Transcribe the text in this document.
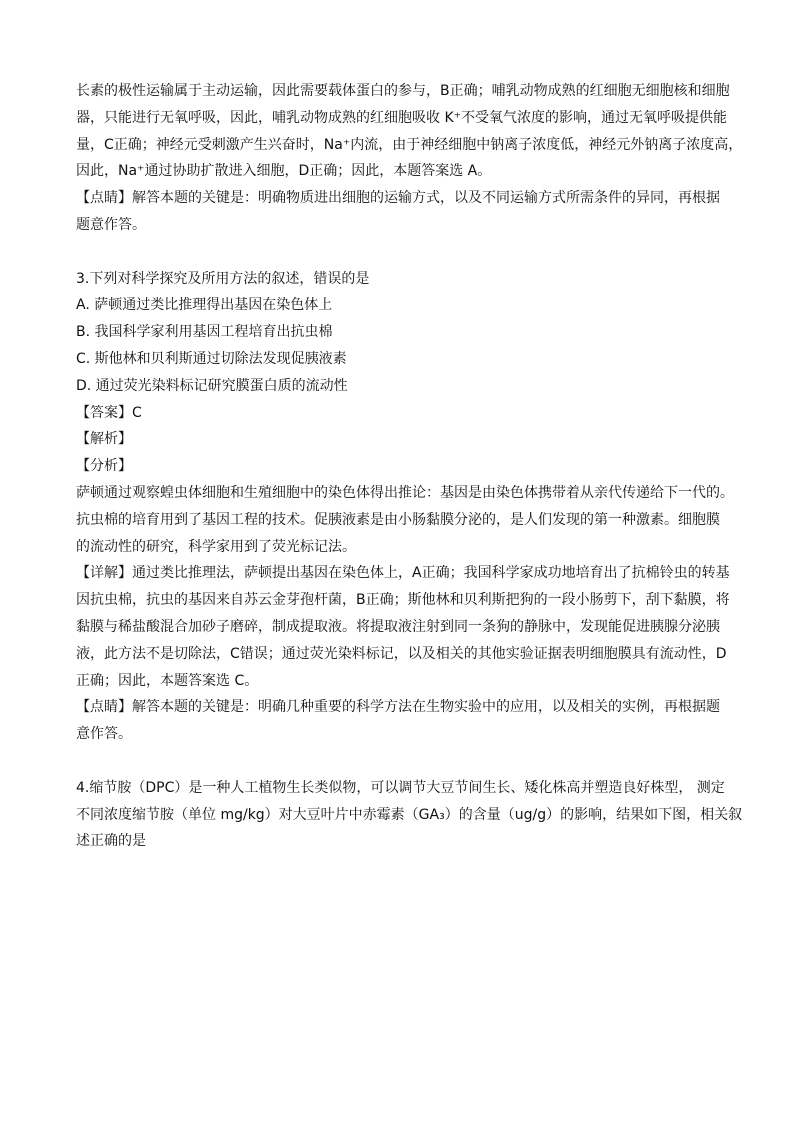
长素的极性运输属于主动运输，因此需要载体蛋白的参与，B正确；哺乳动物成熟的红细胞无细胞核和细胞
器，只能进行无氧呼吸，因此，哺乳动物成熟的红细胞吸收 K⁺不受氧气浓度的影响，通过无氧呼吸提供能
量，C正确；神经元受刺激产生兴奋时，Na⁺内流，由于神经细胞中钠离子浓度低，神经元外钠离子浓度高，
因此，Na⁺通过协助扩散进入细胞，D正确；因此，本题答案选 A。
【点睛】解答本题的关键是：明确物质进出细胞的运输方式，以及不同运输方式所需条件的异同，再根据
题意作答。
3.下列对科学探究及所用方法的叙述，错误的是
A. 萨顿通过类比推理得出基因在染色体上
B. 我国科学家利用基因工程培育出抗虫棉
C. 斯他林和贝利斯通过切除法发现促胰液素
D. 通过荧光染料标记研究膜蛋白质的流动性
【答案】C
【解析】
【分析】
萨顿通过观察蝗虫体细胞和生殖细胞中的染色体得出推论：基因是由染色体携带着从亲代传递给下一代的。
抗虫棉的培育用到了基因工程的技术。促胰液素是由小肠黏膜分泌的，是人们发现的第一种激素。细胞膜
的流动性的研究，科学家用到了荧光标记法。
【详解】通过类比推理法，萨顿提出基因在染色体上，A正确；我国科学家成功地培育出了抗棉铃虫的转基
因抗虫棉，抗虫的基因来自苏云金芽孢杆菌，B正确；斯他林和贝利斯把狗的一段小肠剪下，刮下黏膜，将
黏膜与稀盐酸混合加砂子磨碎，制成提取液。将提取液注射到同一条狗的静脉中，发现能促进胰腺分泌胰
液，此方法不是切除法，C错误；通过荧光染料标记，以及相关的其他实验证据表明细胞膜具有流动性，D
正确；因此，本题答案选 C。
【点睛】解答本题的关键是：明确几种重要的科学方法在生物实验中的应用，以及相关的实例，再根据题
意作答。
4.缩节胺（DPC）是一种人工植物生长类似物，可以调节大豆节间生长、矮化株高并塑造良好株型， 测定
不同浓度缩节胺（单位 mg/kg）对大豆叶片中赤霉素（GA₃）的含量（ug/g）的影响，结果如下图，相关叙
述正确的是
